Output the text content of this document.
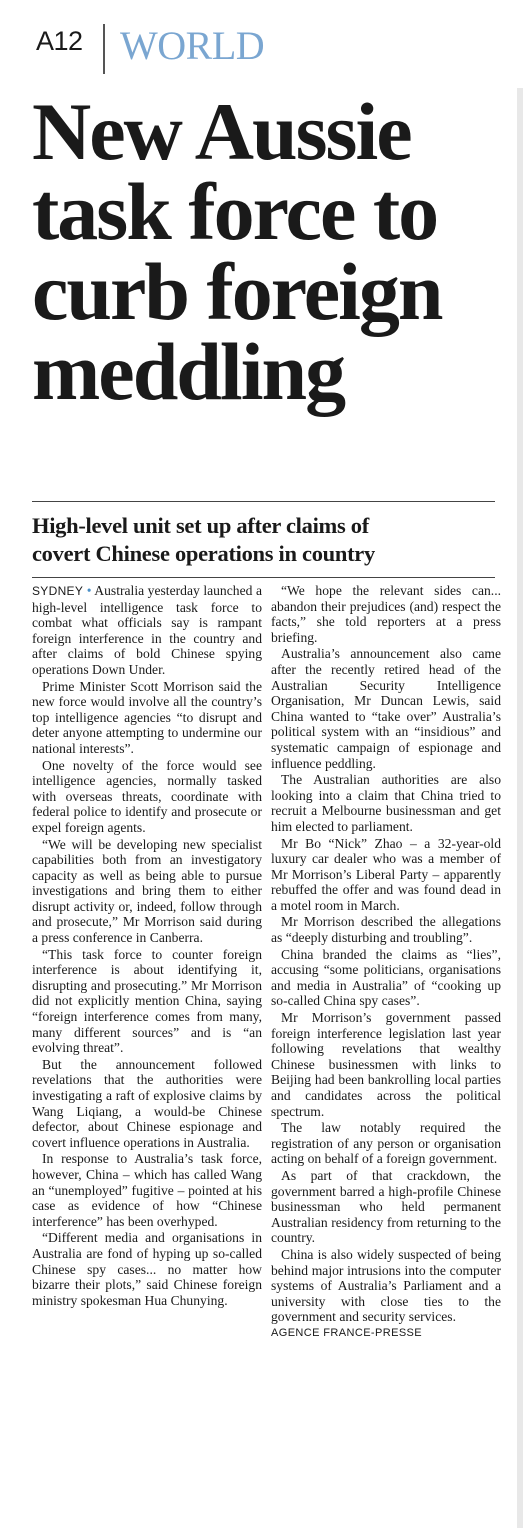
A12 WORLD
New Aussie
task force to
curb foreign
meddling
High-level unit set up after claims of
covert Chinese operations in country

SYDNEY • Australia yesterday launched a high-level intelligence task force to combat what officials say is rampant foreign interference in the country and after claims of bold Chinese spying operations Down Under.

Prime Minister Scott Morrison said the new force would involve all the country’s top intelligence agencies “to disrupt and deter anyone attempting to undermine our national interests”.

One novelty of the force would see intelligence agencies, normally tasked with overseas threats, coordinate with federal police to identify and prosecute or expel foreign agents.

“We will be developing new specialist capabilities both from an investigatory capacity as well as being able to pursue investigations and bring them to either disrupt activity or, indeed, follow through and prosecute,” Mr Morrison said during a press conference in Canberra.

“This task force to counter foreign interference is about identifying it, disrupting and prosecuting.” Mr Morrison did not explicitly mention China, saying “foreign interference comes from many, many different sources” and is “an evolving threat”.

But the announcement followed revelations that the authorities were investigating a raft of explosive claims by Wang Liqiang, a would-be Chinese defector, about Chinese espionage and covert influence operations in Australia.

In response to Australia’s task force, however, China – which has called Wang an “unemployed” fugitive – pointed at his case as evidence of how “Chinese interference” has been overhyped.

“Different media and organisations in Australia are fond of hyping up so-called Chinese spy cases... no matter how bizarre their plots,” said Chinese foreign ministry spokesman Hua Chunying.

“We hope the relevant sides can... abandon their prejudices (and) respect the facts,” she told reporters at a press briefing.

Australia’s announcement also came after the recently retired head of the Australian Security Intelligence Organisation, Mr Duncan Lewis, said China wanted to “take over” Australia’s political system with an “insidious” and systematic campaign of espionage and influence peddling.

The Australian authorities are also looking into a claim that China tried to recruit a Melbourne businessman and get him elected to parliament.

Mr Bo “Nick” Zhao – a 32-year-old luxury car dealer who was a member of Mr Morrison’s Liberal Party – apparently rebuffed the offer and was found dead in a motel room in March.

Mr Morrison described the allegations as “deeply disturbing and troubling”.

China branded the claims as “lies”, accusing “some politicians, organisations and media in Australia” of “cooking up so-called China spy cases”.

Mr Morrison’s government passed foreign interference legislation last year following revelations that wealthy Chinese businessmen with links to Beijing had been bankrolling local parties and candidates across the political spectrum.

The law notably required the registration of any person or organisation acting on behalf of a foreign government.

As part of that crackdown, the government barred a high-profile Chinese businessman who held permanent Australian residency from returning to the country.

China is also widely suspected of being behind major intrusions into the computer systems of Australia’s Parliament and a university with close ties to the government and security services.

AGENCE FRANCE-PRESSE
